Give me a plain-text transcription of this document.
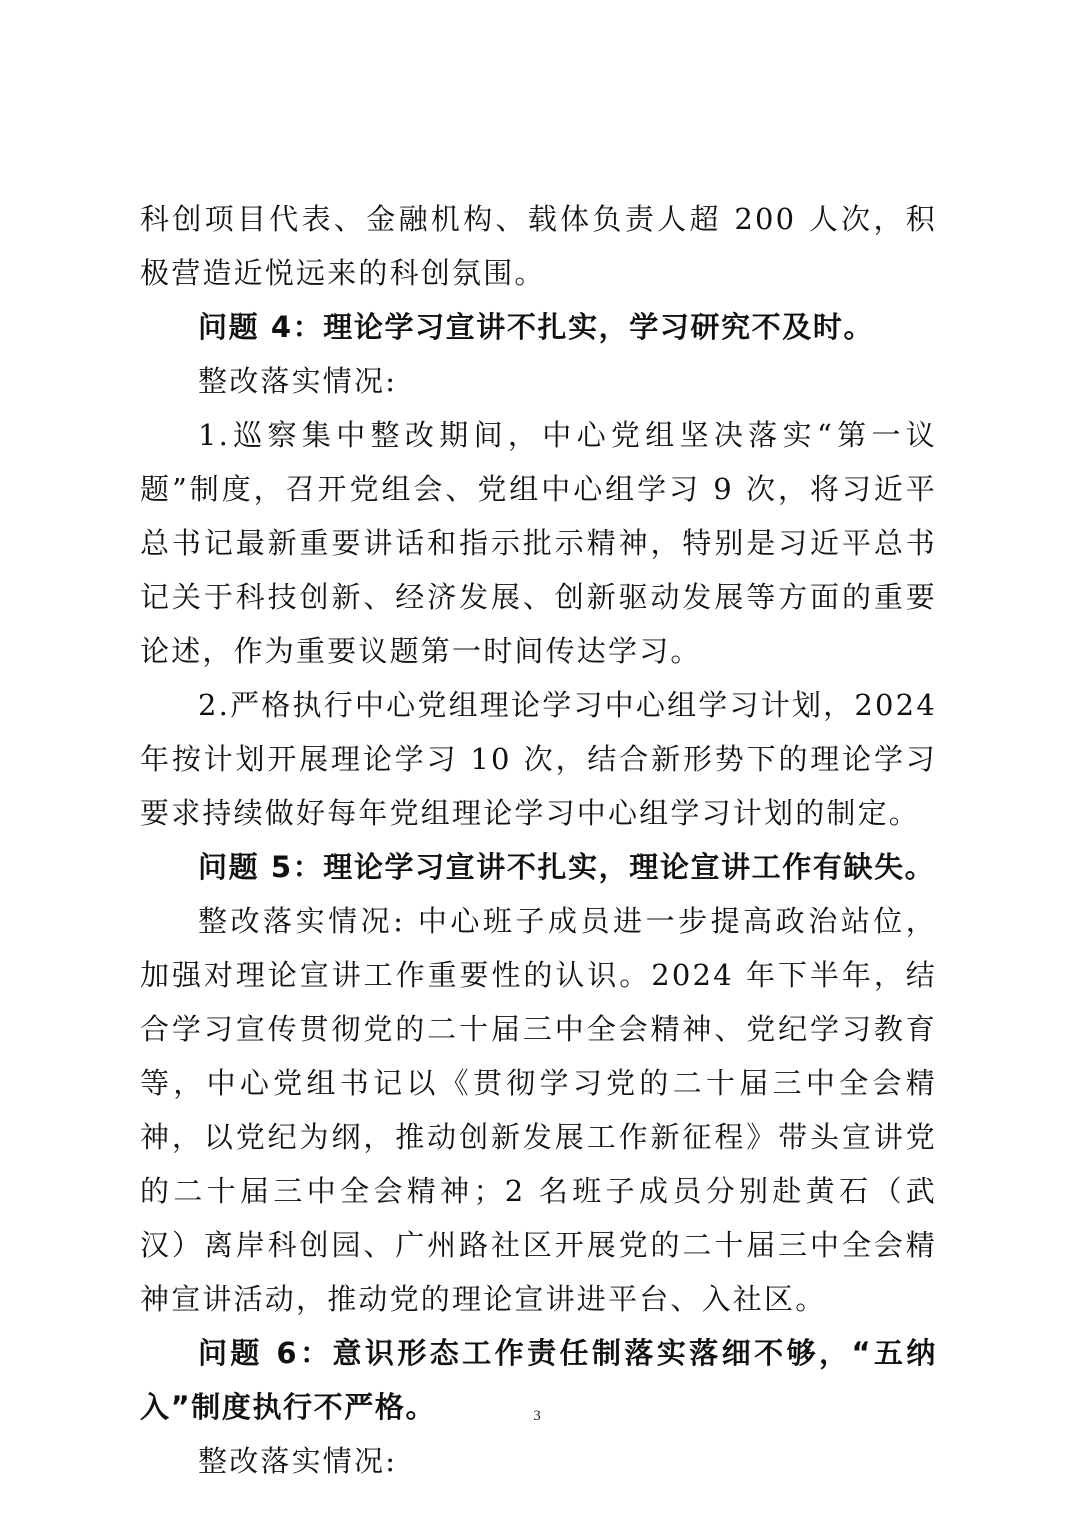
科创项目代表、金融机构、载体负责人超 200 人次，积极营造近悦远来的科创氛围。

问题 4：理论学习宣讲不扎实，学习研究不及时。

整改落实情况:

1.巡察集中整改期间，中心党组坚决落实“第一议题”制度，召开党组会、党组中心组学习 9 次，将习近平总书记最新重要讲话和指示批示精神，特别是习近平总书记关于科技创新、经济发展、创新驱动发展等方面的重要论述，作为重要议题第一时间传达学习。

2.严格执行中心党组理论学习中心组学习计划，2024 年按计划开展理论学习 10 次，结合新形势下的理论学习要求持续做好每年党组理论学习中心组学习计划的制定。

问题 5：理论学习宣讲不扎实，理论宣讲工作有缺失。

整改落实情况: 中心班子成员进一步提高政治站位，加强对理论宣讲工作重要性的认识。2024 年下半年，结合学习宣传贯彻党的二十届三中全会精神、党纪学习教育等，中心党组书记以《贯彻学习党的二十届三中全会精神，以党纪为纲，推动创新发展工作新征程》带头宣讲党的二十届三中全会精神；2 名班子成员分别赴黄石（武汉）离岸科创园、广州路社区开展党的二十届三中全会精神宣讲活动，推动党的理论宣讲进平台、入社区。

问题 6：意识形态工作责任制落实落细不够，“五纳入”制度执行不严格。

整改落实情况:

3
